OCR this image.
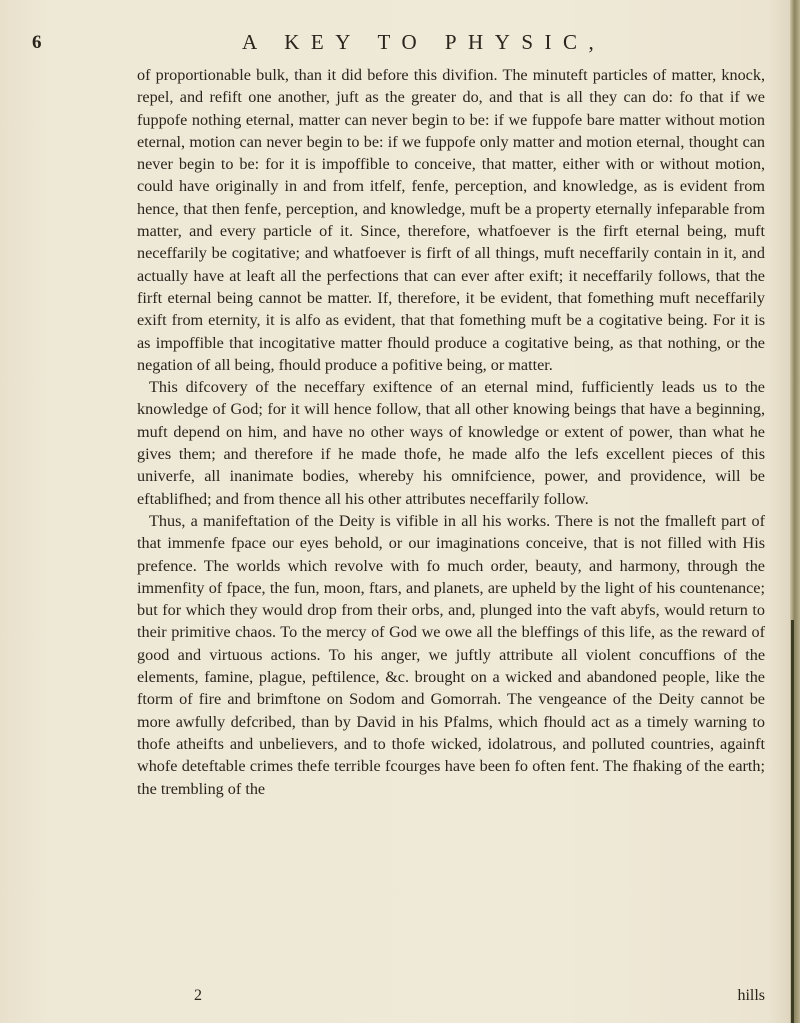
6	A KEY TO PHYSIC,

of proportionable bulk, than it did before this divifion. The minuteft particles of matter, knock, repel, and refift one another, juft as the greater do, and that is all they can do: fo that if we fuppofe nothing eternal, matter can never begin to be: if we fuppofe bare matter without motion eternal, motion can never begin to be: if we fuppofe only matter and motion eternal, thought can never begin to be: for it is impoffible to conceive, that matter, either with or without motion, could have originally in and from itfelf, fenfe, perception, and knowledge, as is evident from hence, that then fenfe, perception, and knowledge, muft be a property eternally infeparable from matter, and every particle of it. Since, therefore, whatfoever is the firft eternal being, muft neceffarily be cogitative; and whatfoever is firft of all things, muft neceffarily contain in it, and actually have at leaft all the perfections that can ever after exift; it neceffarily follows, that the firft eternal being cannot be matter. If, therefore, it be evident, that fomething muft neceffarily exift from eternity, it is alfo as evident, that that fomething muft be a cogitative being. For it is as impoffible that incogitative matter fhould produce a cogitative being, as that nothing, or the negation of all being, fhould produce a pofitive being, or matter.

This difcovery of the neceffary exiftence of an eternal mind, fufficiently leads us to the knowledge of God; for it will hence follow, that all other knowing beings that have a beginning, muft depend on him, and have no other ways of knowledge or extent of power, than what he gives them; and therefore if he made thofe, he made alfo the lefs excellent pieces of this univerfe, all inanimate bodies, whereby his omnifcience, power, and providence, will be eftablifhed; and from thence all his other attributes neceffarily follow.

Thus, a manifeftation of the Deity is vifible in all his works. There is not the fmalleft part of that immenfe fpace our eyes behold, or our imaginations conceive, that is not filled with His prefence. The worlds which revolve with fo much order, beauty, and harmony, through the immenfity of fpace, the fun, moon, ftars, and planets, are upheld by the light of his countenance; but for which they would drop from their orbs, and, plunged into the vaft abyfs, would return to their primitive chaos. To the mercy of God we owe all the bleffings of this life, as the reward of good and virtuous actions. To his anger, we juftly attribute all violent concuffions of the elements, famine, plague, peftilence, &c. brought on a wicked and abandoned people, like the ftorm of fire and brimftone on Sodom and Gomorrah. The vengeance of the Deity cannot be more awfully defcribed, than by David in his Pfalms, which fhould act as a timely warning to thofe atheifts and unbelievers, and to thofe wicked, idolatrous, and polluted countries, againft whofe deteftable crimes thefe terrible fcourges have been fo often fent. The fhaking of the earth; the trembling of the

2	hills
